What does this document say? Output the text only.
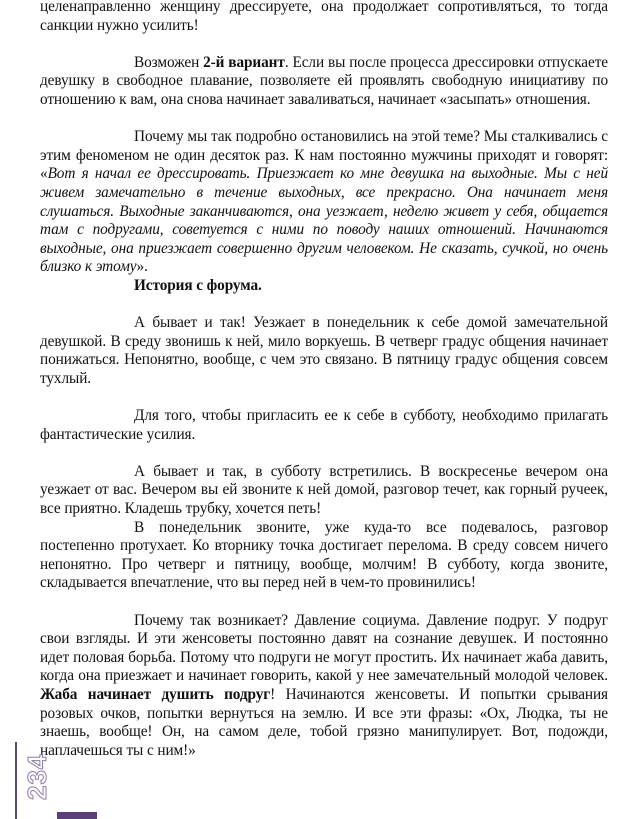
целенаправленно женщину дрессируете, она продолжает сопротивляться, то тогда санкции нужно усилить!

Возможен 2-й вариант. Если вы после процесса дрессировки отпускаете девушку в свободное плавание, позволяете ей проявлять свободную инициативу по отношению к вам, она снова начинает заваливаться, начинает «засыпать» отношения.

Почему мы так подробно остановились на этой теме? Мы сталкивались с этим феноменом не один десяток раз. К нам постоянно мужчины приходят и говорят: «Вот я начал ее дрессировать. Приезжает ко мне девушка на выходные. Мы с ней живем замечательно в течение выходных, все прекрасно. Она начинает меня слушаться. Выходные заканчиваются, она уезжает, неделю живет у себя, общается там с подругами, советуется с ними по поводу наших отношений. Начинаются выходные, она приезжает совершенно другим человеком. Не сказать, сучкой, но очень близко к этому».

История с форума.

А бывает и так! Уезжает в понедельник к себе домой замечательной девушкой. В среду звонишь к ней, мило воркуешь. В четверг градус общения начинает понижаться. Непонятно, вообще, с чем это связано. В пятницу градус общения совсем тухлый.

Для того, чтобы пригласить ее к себе в субботу, необходимо прилагать фантастические усилия.

А бывает и так, в субботу встретились. В воскресенье вечером она уезжает от вас. Вечером вы ей звоните к ней домой, разговор течет, как горный ручеек, все приятно. Кладешь трубку, хочется петь!

В понедельник звоните, уже куда-то все подевалось, разговор постепенно протухает. Ко вторнику точка достигает перелома. В среду совсем ничего непонятно. Про четверг и пятницу, вообще, молчим! В субботу, когда звоните, складывается впечатление, что вы перед ней в чем-то провинились!

Почему так возникает? Давление социума. Давление подруг. У подруг свои взгляды. И эти женсоветы постоянно давят на сознание девушек. И постоянно идет половая борьба. Потому что подруги не могут простить. Их начинает жаба давить, когда она приезжает и начинает говорить, какой у нее замечательный молодой человек. Жаба начинает душить подруг! Начинаются женсоветы. И попытки срывания розовых очков, попытки вернуться на землю. И все эти фразы: «Ох, Людка, ты не знаешь, вообще! Он, на самом деле, тобой грязно манипулирует. Вот, подожди, наплачешься ты с ним!»

234
